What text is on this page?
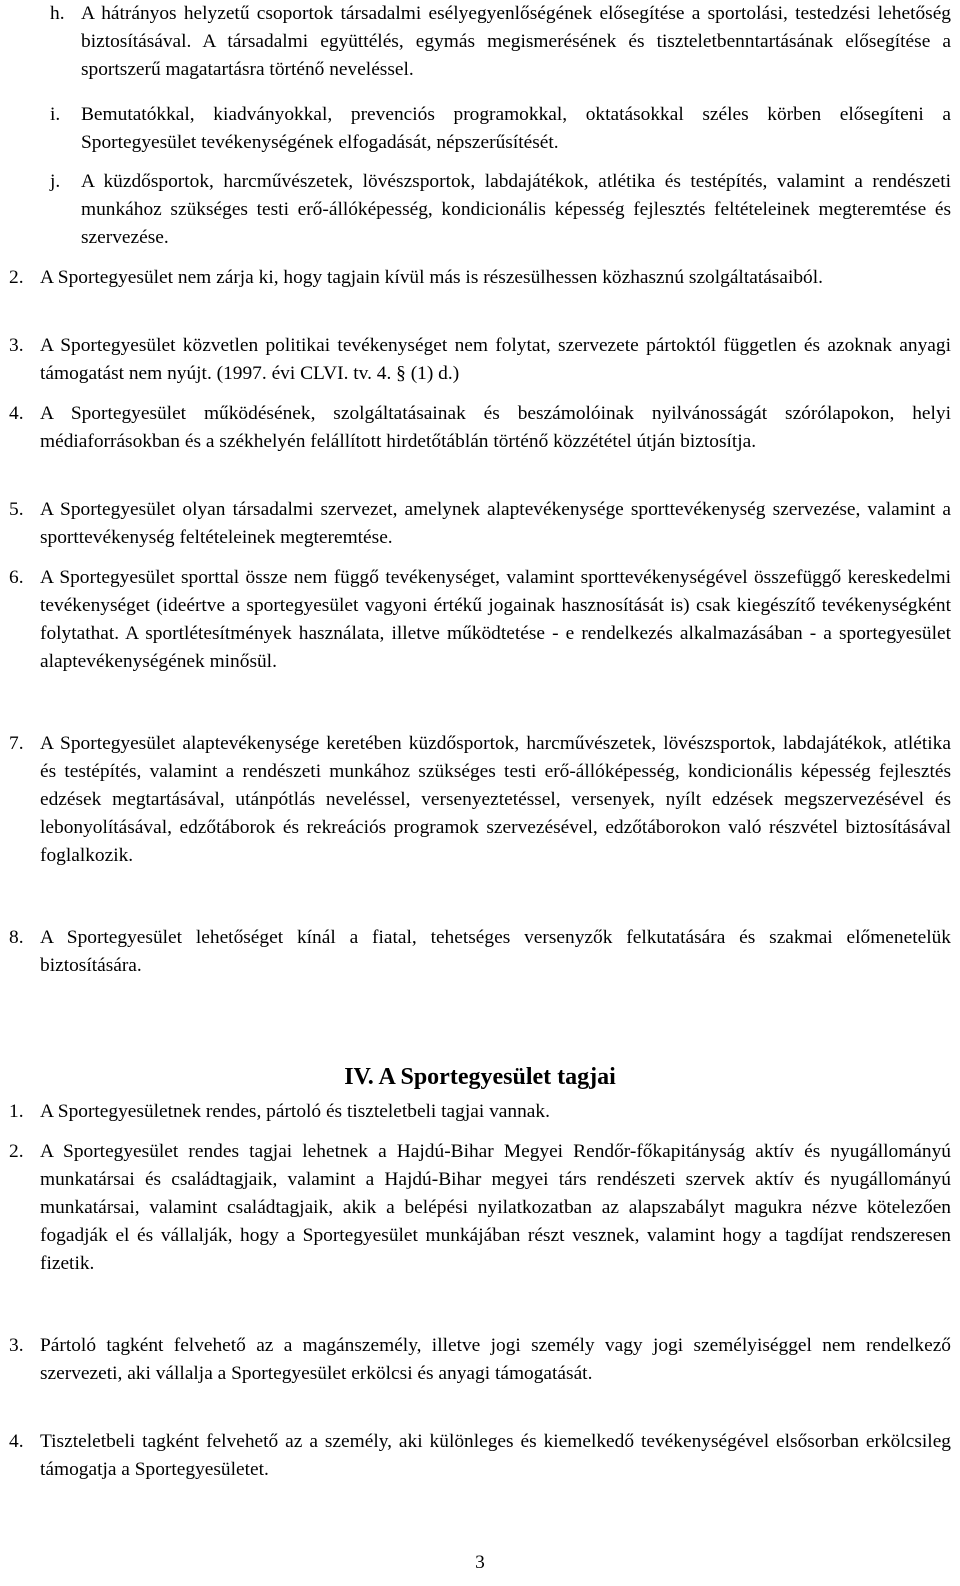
h. A hátrányos helyzetű csoportok társadalmi esélyegyenlőségének elősegítése a sportolási, testedzési lehetőség biztosításával. A társadalmi együttélés, egymás megismerésének és tiszteletbenntartásának elősegítése a sportszerű magatartásra történő neveléssel.

i. Bemutatókkal, kiadványokkal, prevenciós programokkal, oktatásokkal széles körben elősegíteni a Sportegyesület tevékenységének elfogadását, népszerűsítését.

j. A küzdősportok, harcművészetek, lövészsportok, labdajátékok, atlétika és testépítés, valamint a rendészeti munkához szükséges testi erő-állóképesség, kondicionális képesség fejlesztés feltételeinek megteremtése és szervezése.

2. A Sportegyesület nem zárja ki, hogy tagjain kívül más is részesülhessen közhasznú szolgáltatásaiból.

3. A Sportegyesület közvetlen politikai tevékenységet nem folytat, szervezete pártoktól független és azoknak anyagi támogatást nem nyújt. (1997. évi CLVI. tv. 4. § (1) d.)

4. A Sportegyesület működésének, szolgáltatásainak és beszámolóinak nyilvánosságát szórólapokon, helyi médiaforrásokban és a székhelyén felállított hirdetőtáblán történő közzététel útján biztosítja.

5. A Sportegyesület olyan társadalmi szervezet, amelynek alaptevékenysége sporttevékenység szervezése, valamint a sporttevékenység feltételeinek megteremtése.

6. A Sportegyesület sporttal össze nem függő tevékenységet, valamint sporttevékenységével összefüggő kereskedelmi tevékenységet (ideértve a sportegyesület vagyoni értékű jogainak hasznosítását is) csak kiegészítő tevékenységként folytathat. A sportlétesítmények használata, illetve működtetése - e rendelkezés alkalmazásában - a sportegyesület alaptevékenységének minősül.

7. A Sportegyesület alaptevékenysége keretében küzdősportok, harcművészetek, lövészsportok, labdajátékok, atlétika és testépítés, valamint a rendészeti munkához szükséges testi erő-állóképesség, kondicionális képesség fejlesztés edzések megtartásával, utánpótlás neveléssel, versenyeztetéssel, versenyek, nyílt edzések megszervezésével és lebonyolításával, edzőtáborok és rekreációs programok szervezésével, edzőtáborokon való részvétel biztosításával foglalkozik.

8. A Sportegyesület lehetőséget kínál a fiatal, tehetséges versenyzők felkutatására és szakmai előmenetelük biztosítására.

IV. A Sportegyesület tagjai

1. A Sportegyesületnek rendes, pártoló és tiszteletbeli tagjai vannak.

2. A Sportegyesület rendes tagjai lehetnek a Hajdú-Bihar Megyei Rendőr-főkapitányság aktív és nyugállományú munkatársai és családtagjaik, valamint a Hajdú-Bihar megyei társ rendészeti szervek aktív és nyugállományú munkatársai, valamint családtagjaik, akik a belépési nyilatkozatban az alapszabályt magukra nézve kötelezően fogadják el és vállalják, hogy a Sportegyesület munkájában részt vesznek, valamint hogy a tagdíjat rendszeresen fizetik.

3. Pártoló tagként felvehető az a magánszemély, illetve jogi személy vagy jogi személyiséggel nem rendelkező szervezeti, aki vállalja a Sportegyesület erkölcsi és anyagi támogatását.

4. Tiszteletbeli tagként felvehető az a személy, aki különleges és kiemelkedő tevékenységével elsősorban erkölcsileg támogatja a Sportegyesületet.

3
